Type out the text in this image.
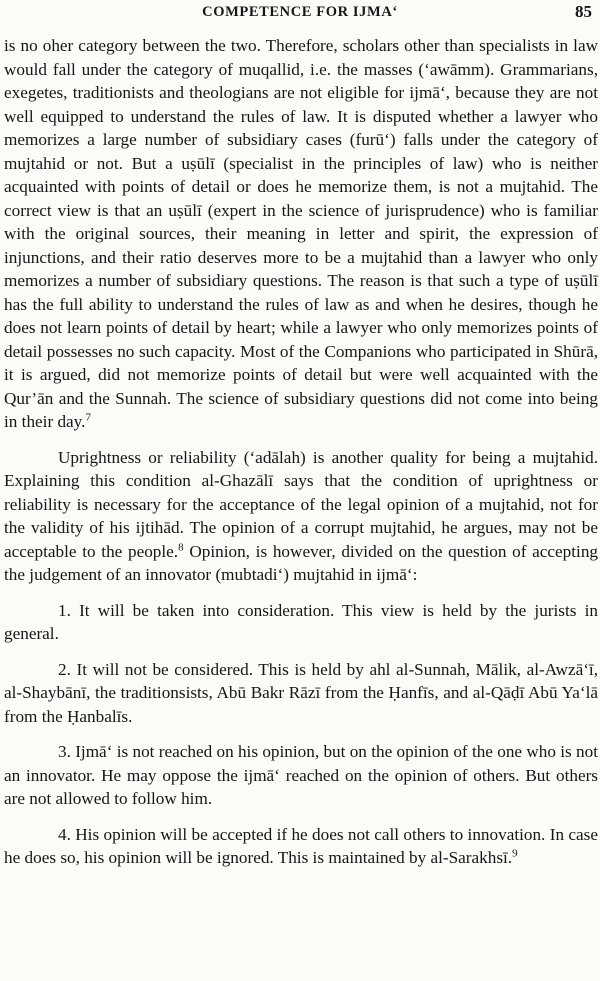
COMPETENCE FOR IJMA‘	85

is no oher category between the two. Therefore, scholars other than specialists in law would fall under the category of muqallid, i.e. the masses (‘awāmm). Grammarians, exegetes, traditionists and theologians are not eligible for ijmā‘, because they are not well equipped to understand the rules of law. It is disputed whether a lawyer who memorizes a large number of subsidiary cases (furū‘) falls under the category of mujtahid or not. But a uṣūlī (specialist in the principles of law) who is neither acquainted with points of detail or does he memorize them, is not a mujtahid. The correct view is that an uṣūlī (expert in the science of jurisprudence) who is familiar with the original sources, their meaning in letter and spirit, the expression of injunctions, and their ratio deserves more to be a mujtahid than a lawyer who only memorizes a number of subsidiary questions. The reason is that such a type of uṣūlī has the full ability to understand the rules of law as and when he desires, though he does not learn points of detail by heart; while a lawyer who only memorizes points of detail possesses no such capacity. Most of the Companions who participated in Shūrā, it is argued, did not memorize points of detail but were well acquainted with the Qur’ān and the Sunnah. The science of subsidiary questions did not come into being in their day.$^7$

Uprightness or reliability (‘adālah) is another quality for being a mujtahid. Explaining this condition al-Ghazālī says that the condition of uprightness or reliability is necessary for the acceptance of the legal opinion of a mujtahid, not for the validity of his ijtihād. The opinion of a corrupt mujtahid, he argues, may not be acceptable to the people.$^8$ Opinion, is however, divided on the question of accepting the judgement of an innovator (mubtadi‘) mujtahid in ijmā‘:

1. It will be taken into consideration. This view is held by the jurists in general.

2. It will not be considered. This is held by ahl al-Sunnah, Mālik, al-Awzā‘ī, al-Shaybānī, the traditionsists, Abū Bakr Rāzī from the Ḥanfīs, and al-Qāḍī Abū Ya‘lā from the Ḥanbalīs.

3. Ijmā‘ is not reached on his opinion, but on the opinion of the one who is not an innovator. He may oppose the ijmā‘ reached on the opinion of others. But others are not allowed to follow him.

4. His opinion will be accepted if he does not call others to innovation. In case he does so, his opinion will be ignored. This is maintained by al-Sarakhsī.$^9$
